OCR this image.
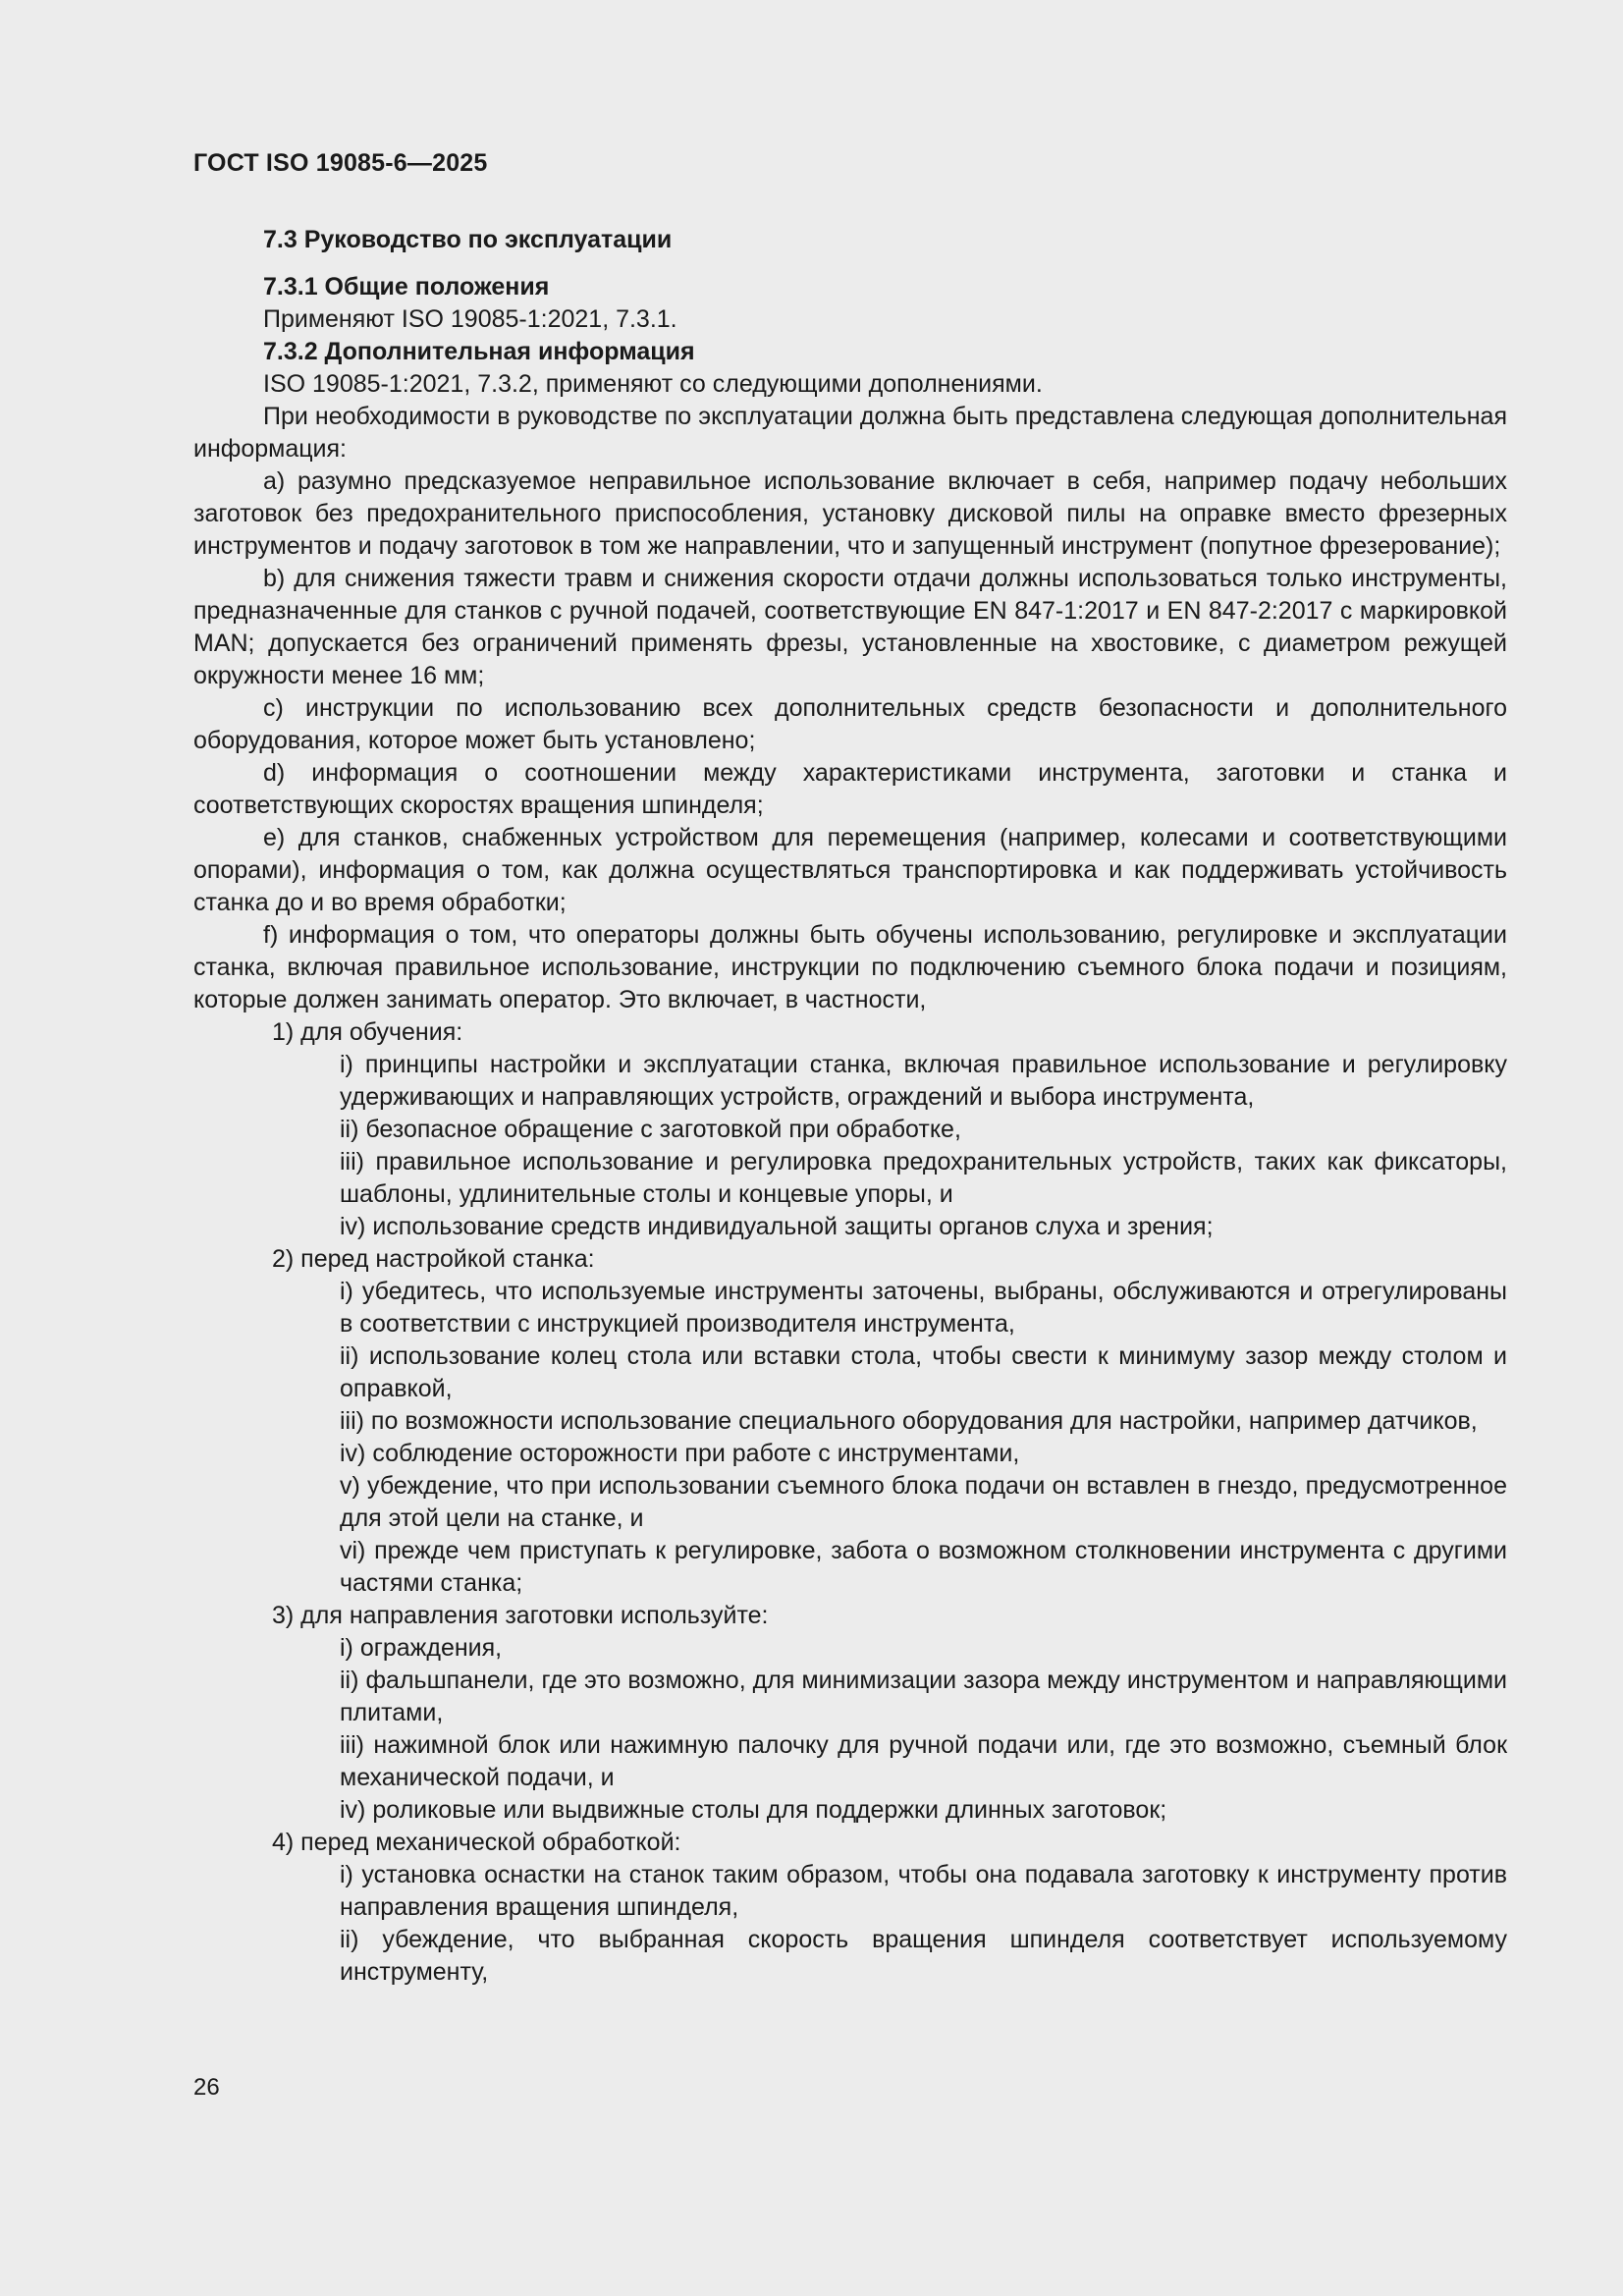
ГОСТ ISO 19085-6—2025

7.3 Руководство по эксплуатации

7.3.1 Общие положения

Применяют ISO 19085-1:2021, 7.3.1.

7.3.2 Дополнительная информация

ISO 19085-1:2021, 7.3.2, применяют со следующими дополнениями.

При необходимости в руководстве по эксплуатации должна быть представлена следующая дополнительная информация:

a) разумно предсказуемое неправильное использование включает в себя, например подачу небольших заготовок без предохранительного приспособления, установку дисковой пилы на оправке вместо фрезерных инструментов и подачу заготовок в том же направлении, что и запущенный инструмент (попутное фрезерование);

b) для снижения тяжести травм и снижения скорости отдачи должны использоваться только инструменты, предназначенные для станков с ручной подачей, соответствующие EN 847-1:2017 и EN 847-2:2017 с маркировкой MAN; допускается без ограничений применять фрезы, установленные на хвостовике, с диаметром режущей окружности менее 16 мм;

c) инструкции по использованию всех дополнительных средств безопасности и дополнительного оборудования, которое может быть установлено;

d) информация о соотношении между характеристиками инструмента, заготовки и станка и соответствующих скоростях вращения шпинделя;

e) для станков, снабженных устройством для перемещения (например, колесами и соответствующими опорами), информация о том, как должна осуществляться транспортировка и как поддерживать устойчивость станка до и во время обработки;

f) информация о том, что операторы должны быть обучены использованию, регулировке и эксплуатации станка, включая правильное использование, инструкции по подключению съемного блока подачи и позициям, которые должен занимать оператор. Это включает, в частности,

1) для обучения:

i) принципы настройки и эксплуатации станка, включая правильное использование и регулировку удерживающих и направляющих устройств, ограждений и выбора инструмента,

ii) безопасное обращение с заготовкой при обработке,

iii) правильное использование и регулировка предохранительных устройств, таких как фиксаторы, шаблоны, удлинительные столы и концевые упоры, и

iv) использование средств индивидуальной защиты органов слуха и зрения;

2) перед настройкой станка:

i) убедитесь, что используемые инструменты заточены, выбраны, обслуживаются и отрегулированы в соответствии с инструкцией производителя инструмента,

ii) использование колец стола или вставки стола, чтобы свести к минимуму зазор между столом и оправкой,

iii) по возможности использование специального оборудования для настройки, например датчиков,

iv) соблюдение осторожности при работе с инструментами,

v) убеждение, что при использовании съемного блока подачи он вставлен в гнездо, предусмотренное для этой цели на станке, и

vi) прежде чем приступать к регулировке, забота о возможном столкновении инструмента с другими частями станка;

3) для направления заготовки используйте:

i) ограждения,

ii) фальшпанели, где это возможно, для минимизации зазора между инструментом и направляющими плитами,

iii) нажимной блок или нажимную палочку для ручной подачи или, где это возможно, съемный блок механической подачи, и

iv) роликовые или выдвижные столы для поддержки длинных заготовок;

4) перед механической обработкой:

i) установка оснастки на станок таким образом, чтобы она подавала заготовку к инструменту против направления вращения шпинделя,

ii) убеждение, что выбранная скорость вращения шпинделя соответствует используемому инструменту,

26
